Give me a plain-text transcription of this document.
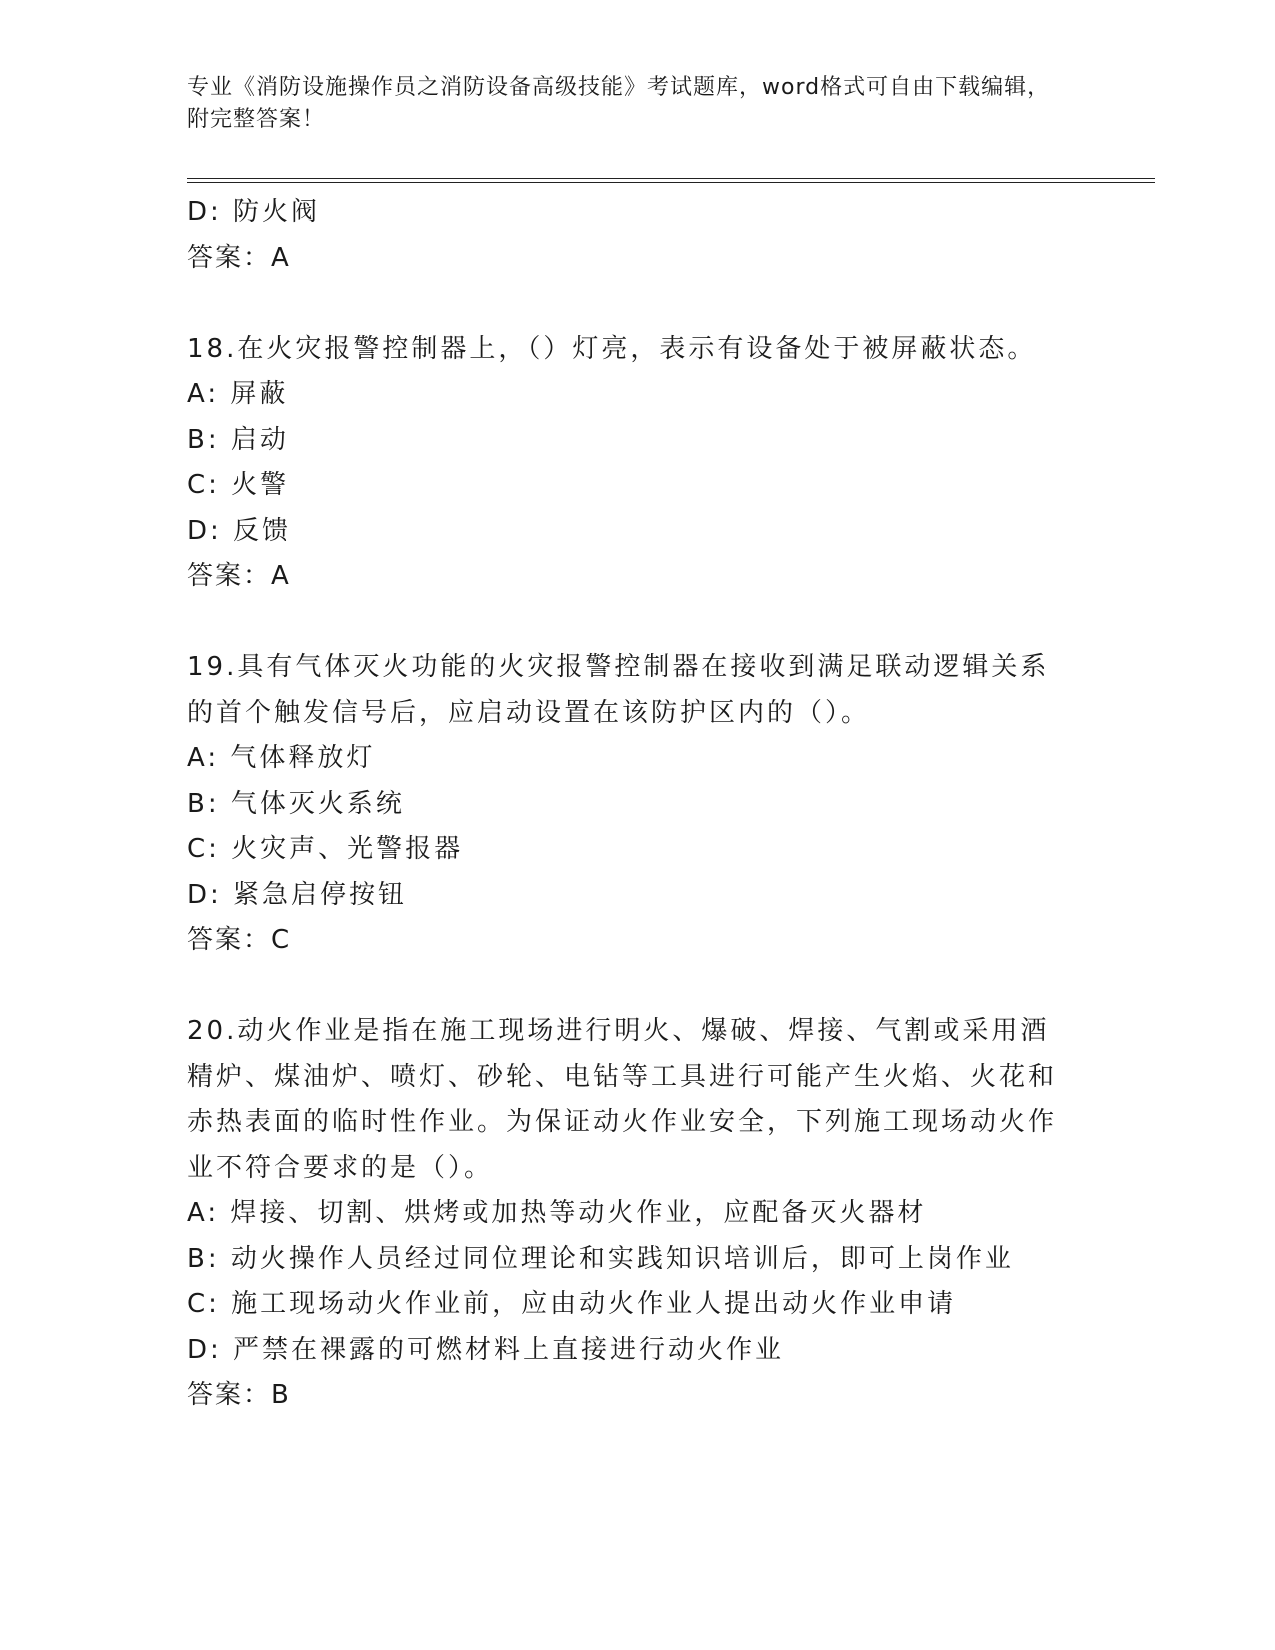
专业《消防设施操作员之消防设备高级技能》考试题库，word格式可自由下载编辑，附完整答案！
D: 防火阀
答案：A
18.在火灾报警控制器上，（）灯亮，表示有设备处于被屏蔽状态。
A: 屏蔽
B: 启动
C: 火警
D: 反馈
答案：A
19.具有气体灭火功能的火灾报警控制器在接收到满足联动逻辑关系的首个触发信号后，应启动设置在该防护区内的（）。
A: 气体释放灯
B: 气体灭火系统
C: 火灾声、光警报器
D: 紧急启停按钮
答案：C
20.动火作业是指在施工现场进行明火、爆破、焊接、气割或采用酒精炉、煤油炉、喷灯、砂轮、电钻等工具进行可能产生火焰、火花和赤热表面的临时性作业。为保证动火作业安全，下列施工现场动火作业不符合要求的是（）。
A: 焊接、切割、烘烤或加热等动火作业，应配备灭火器材
B: 动火操作人员经过同位理论和实践知识培训后，即可上岗作业
C: 施工现场动火作业前，应由动火作业人提出动火作业申请
D: 严禁在裸露的可燃材料上直接进行动火作业
答案：B
